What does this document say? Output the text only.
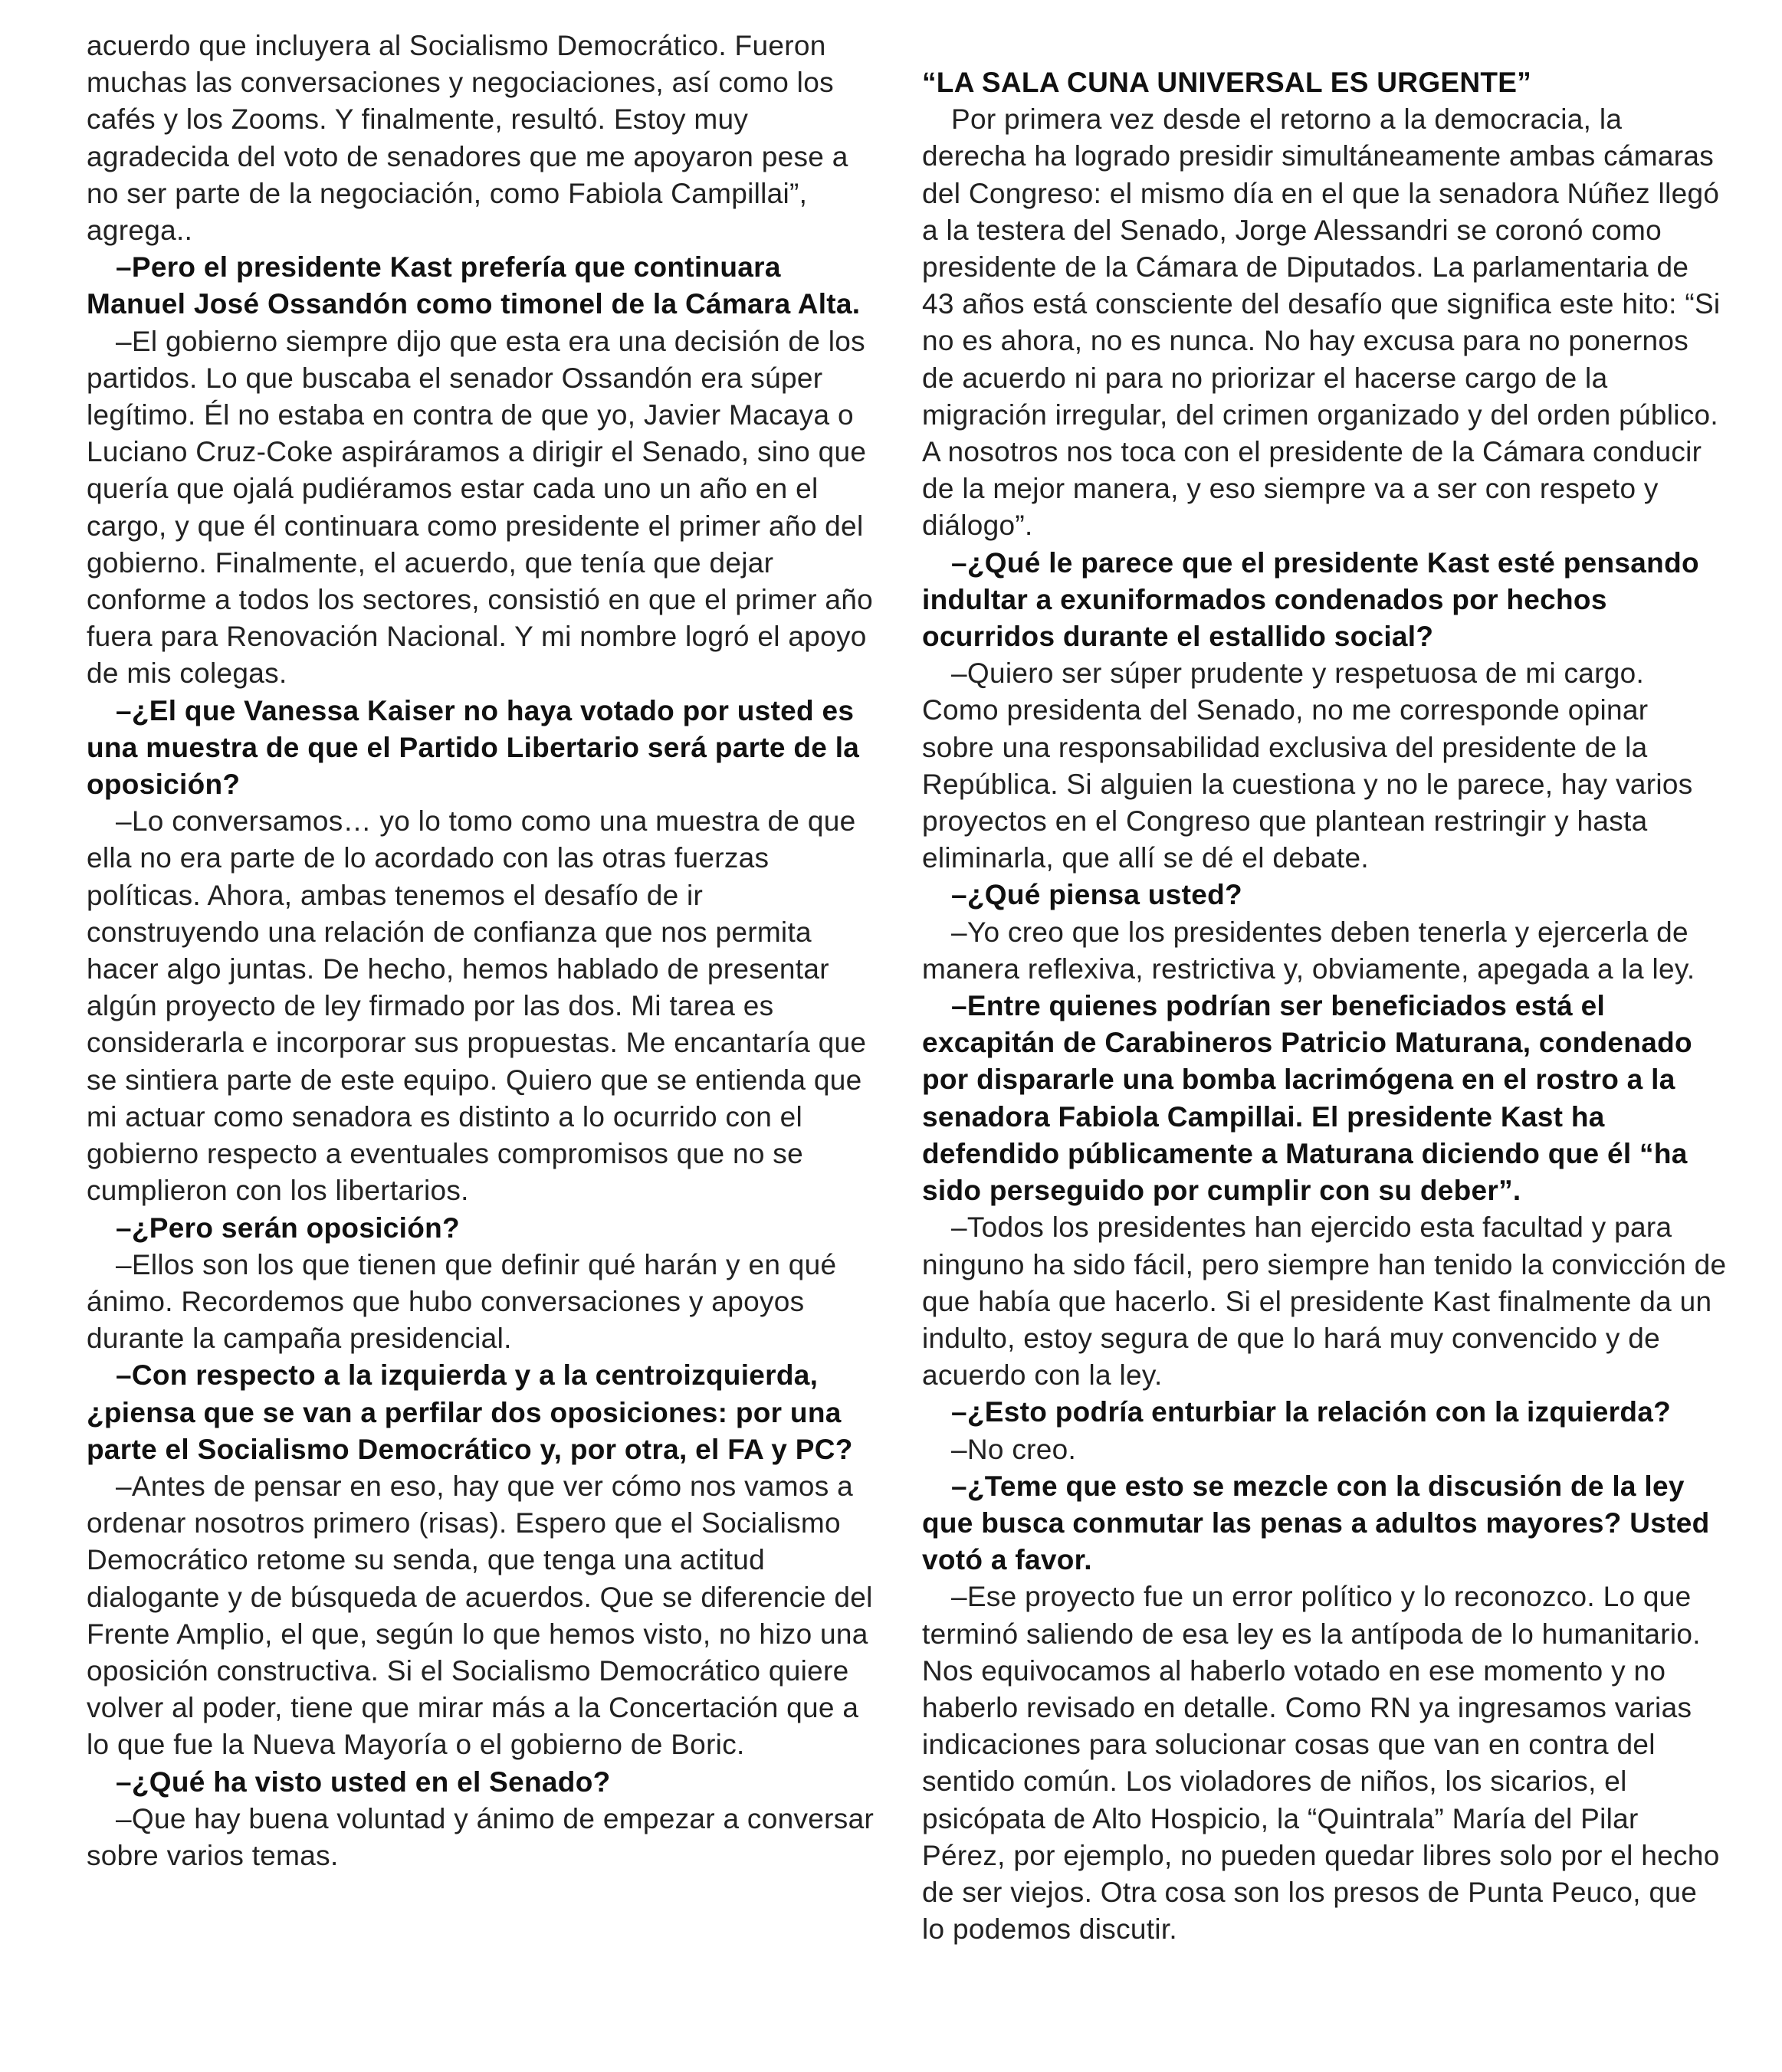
acuerdo que incluyera al Socialismo Democrático. Fueron muchas las conversaciones y negociaciones, así como los cafés y los Zooms. Y finalmente, resultó. Estoy muy agradecida del voto de senadores que me apoyaron pese a no ser parte de la negociación, como Fabiola Campillai”, agrega..

–Pero el presidente Kast prefería que continuara Manuel José Ossandón como timonel de la Cámara Alta.

–El gobierno siempre dijo que esta era una decisión de los partidos. Lo que buscaba el senador Ossandón era súper legítimo. Él no estaba en contra de que yo, Javier Macaya o Luciano Cruz-Coke aspiráramos a dirigir el Senado, sino que quería que ojalá pudiéramos estar cada uno un año en el cargo, y que él continuara como presidente el primer año del gobierno. Finalmente, el acuerdo, que tenía que dejar conforme a todos los sectores, consistió en que el primer año fuera para Renovación Nacional. Y mi nombre logró el apoyo de mis colegas.

–¿El que Vanessa Kaiser no haya votado por usted es una muestra de que el Partido Libertario será parte de la oposición?

–Lo conversamos… yo lo tomo como una muestra de que ella no era parte de lo acordado con las otras fuerzas políticas. Ahora, ambas tenemos el desafío de ir construyendo una relación de confianza que nos permita hacer algo juntas. De hecho, hemos hablado de presentar algún proyecto de ley firmado por las dos. Mi tarea es considerarla e incorporar sus propuestas. Me encantaría que se sintiera parte de este equipo. Quiero que se entienda que mi actuar como senadora es distinto a lo ocurrido con el gobierno respecto a eventuales compromisos que no se cumplieron con los libertarios.

–¿Pero serán oposición?

–Ellos son los que tienen que definir qué harán y en qué ánimo. Recordemos que hubo conversaciones y apoyos durante la campaña presidencial.

–Con respecto a la izquierda y a la centroizquierda, ¿piensa que se van a perfilar dos oposiciones: por una parte el Socialismo Democrático y, por otra, el FA y PC?

–Antes de pensar en eso, hay que ver cómo nos vamos a ordenar nosotros primero (risas). Espero que el Socialismo Democrático retome su senda, que tenga una actitud dialogante y de búsqueda de acuerdos. Que se diferencie del Frente Amplio, el que, según lo que hemos visto, no hizo una oposición constructiva. Si el Socialismo Democrático quiere volver al poder, tiene que mirar más a la Concertación que a lo que fue la Nueva Mayoría o el gobierno de Boric.

–¿Qué ha visto usted en el Senado?

–Que hay buena voluntad y ánimo de empezar a conversar sobre varios temas.

“LA SALA CUNA UNIVERSAL ES URGENTE”

Por primera vez desde el retorno a la democracia, la derecha ha logrado presidir simultáneamente ambas cámaras del Congreso: el mismo día en el que la senadora Núñez llegó a la testera del Senado, Jorge Alessandri se coronó como presidente de la Cámara de Diputados. La parlamentaria de 43 años está consciente del desafío que significa este hito: “Si no es ahora, no es nunca. No hay excusa para no ponernos de acuerdo ni para no priorizar el hacerse cargo de la migración irregular, del crimen organizado y del orden público. A nosotros nos toca con el presidente de la Cámara conducir de la mejor manera, y eso siempre va a ser con respeto y diálogo”.

–¿Qué le parece que el presidente Kast esté pensando indultar a exuniformados condenados por hechos ocurridos durante el estallido social?

–Quiero ser súper prudente y respetuosa de mi cargo. Como presidenta del Senado, no me corresponde opinar sobre una responsabilidad exclusiva del presidente de la República. Si alguien la cuestiona y no le parece, hay varios proyectos en el Congreso que plantean restringir y hasta eliminarla, que allí se dé el debate.

–¿Qué piensa usted?

–Yo creo que los presidentes deben tenerla y ejercerla de manera reflexiva, restrictiva y, obviamente, apegada a la ley.

–Entre quienes podrían ser beneficiados está el excapitán de Carabineros Patricio Maturana, condenado por dispararle una bomba lacrimógena en el rostro a la senadora Fabiola Campillai. El presidente Kast ha defendido públicamente a Maturana diciendo que él “ha sido perseguido por cumplir con su deber”.

–Todos los presidentes han ejercido esta facultad y para ninguno ha sido fácil, pero siempre han tenido la convicción de que había que hacerlo. Si el presidente Kast finalmente da un indulto, estoy segura de que lo hará muy convencido y de acuerdo con la ley.

–¿Esto podría enturbiar la relación con la izquierda?

–No creo.

–¿Teme que esto se mezcle con la discusión de la ley que busca conmutar las penas a adultos mayores? Usted votó a favor.

–Ese proyecto fue un error político y lo reconozco. Lo que terminó saliendo de esa ley es la antípoda de lo humanitario. Nos equivocamos al haberlo votado en ese momento y no haberlo revisado en detalle. Como RN ya ingresamos varias indicaciones para solucionar cosas que van en contra del sentido común. Los violadores de niños, los sicarios, el psicópata de Alto Hospicio, la “Quintrala” María del Pilar Pérez, por ejemplo, no pueden quedar libres solo por el hecho de ser viejos. Otra cosa son los presos de Punta Peuco, que lo podemos discutir.
